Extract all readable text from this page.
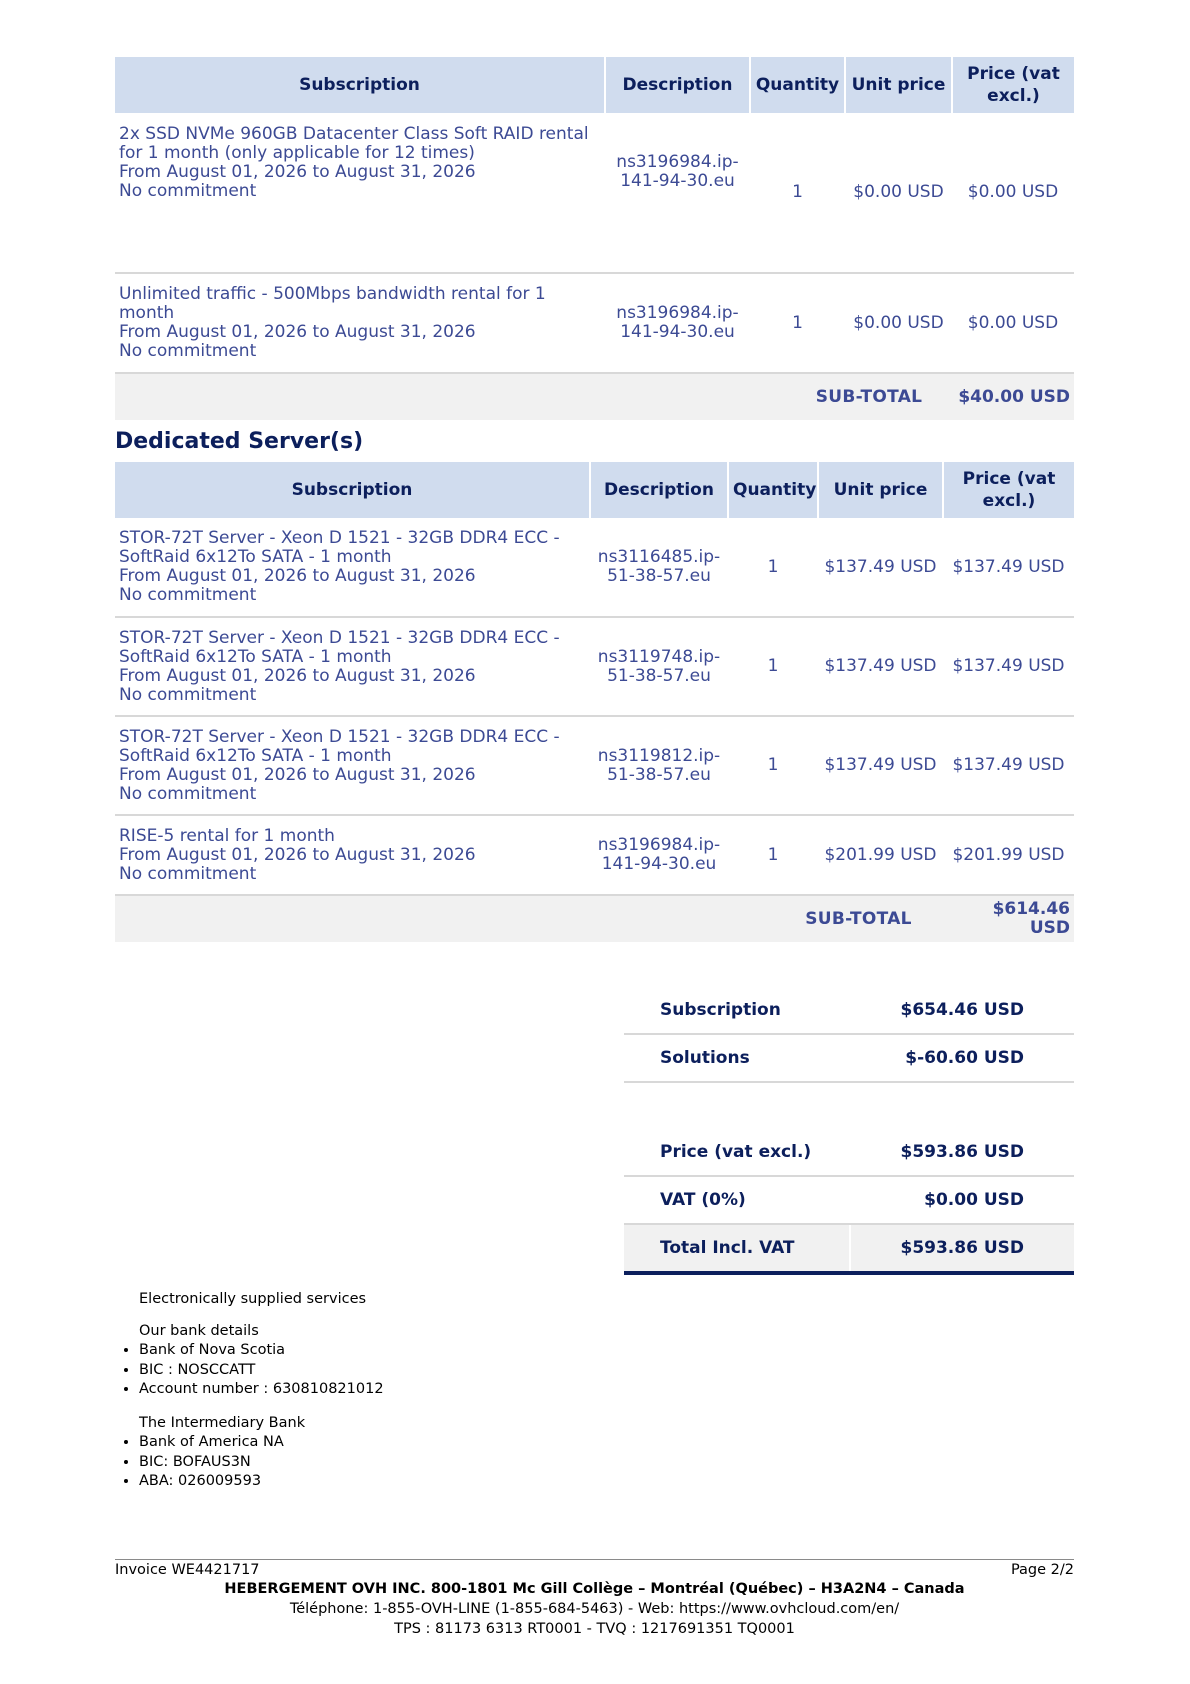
Subscription	Description	Quantity	Unit price	Price (vat excl.)

2x SSD NVMe 960GB Datacenter Class Soft RAID rental
for 1 month (only applicable for 12 times)
From August 01, 2026 to August 31, 2026
No commitment	ns3196984.ip-141-94-30.eu	1	$0.00 USD	$0.00 USD

Unlimited traffic - 500Mbps bandwidth rental for 1
month
From August 01, 2026 to August 31, 2026
No commitment	ns3196984.ip-141-94-30.eu	1	$0.00 USD	$0.00 USD
		SUB-TOTAL		$40.00 USD
Dedicated Server(s)
Subscription	Description	Quantity	Unit price	Price (vat excl.)

STOR-72T Server - Xeon D 1521 - 32GB DDR4 ECC -
SoftRaid 6x12To SATA - 1 month
From August 01, 2026 to August 31, 2026
No commitment	ns3116485.ip-51-38-57.eu	1	$137.49 USD	$137.49 USD

STOR-72T Server - Xeon D 1521 - 32GB DDR4 ECC -
SoftRaid 6x12To SATA - 1 month
From August 01, 2026 to August 31, 2026
No commitment	ns3119748.ip-51-38-57.eu	1	$137.49 USD	$137.49 USD

STOR-72T Server - Xeon D 1521 - 32GB DDR4 ECC -
SoftRaid 6x12To SATA - 1 month
From August 01, 2026 to August 31, 2026
No commitment	ns3119812.ip-51-38-57.eu	1	$137.49 USD	$137.49 USD

RISE-5 rental for 1 month
From August 01, 2026 to August 31, 2026
No commitment	ns3196984.ip-141-94-30.eu	1	$201.99 USD	$201.99 USD
		SUB-TOTAL		$614.46 USD
Subscription	$654.46 USD
Solutions	$-60.60 USD
Price (vat excl.)	$593.86 USD
VAT (0%)	$0.00 USD
Total Incl. VAT	$593.86 USD

Electronically supplied services

Our bank details

• Bank of Nova Scotia
• BIC : NOSCCATT
• Account number : 630810821012

The Intermediary Bank

• Bank of America NA
• BIC: BOFAUS3N
• ABA: 026009593
Invoice WE4421717	Page 2/2
HEBERGEMENT OVH INC. 800-1801 Mc Gill Collège – Montréal (Québec) – H3A2N4 – Canada
Téléphone: 1-855-OVH-LINE (1-855-684-5463) - Web: https://www.ovhcloud.com/en/
TPS : 81173 6313 RT0001 - TVQ : 1217691351 TQ0001
